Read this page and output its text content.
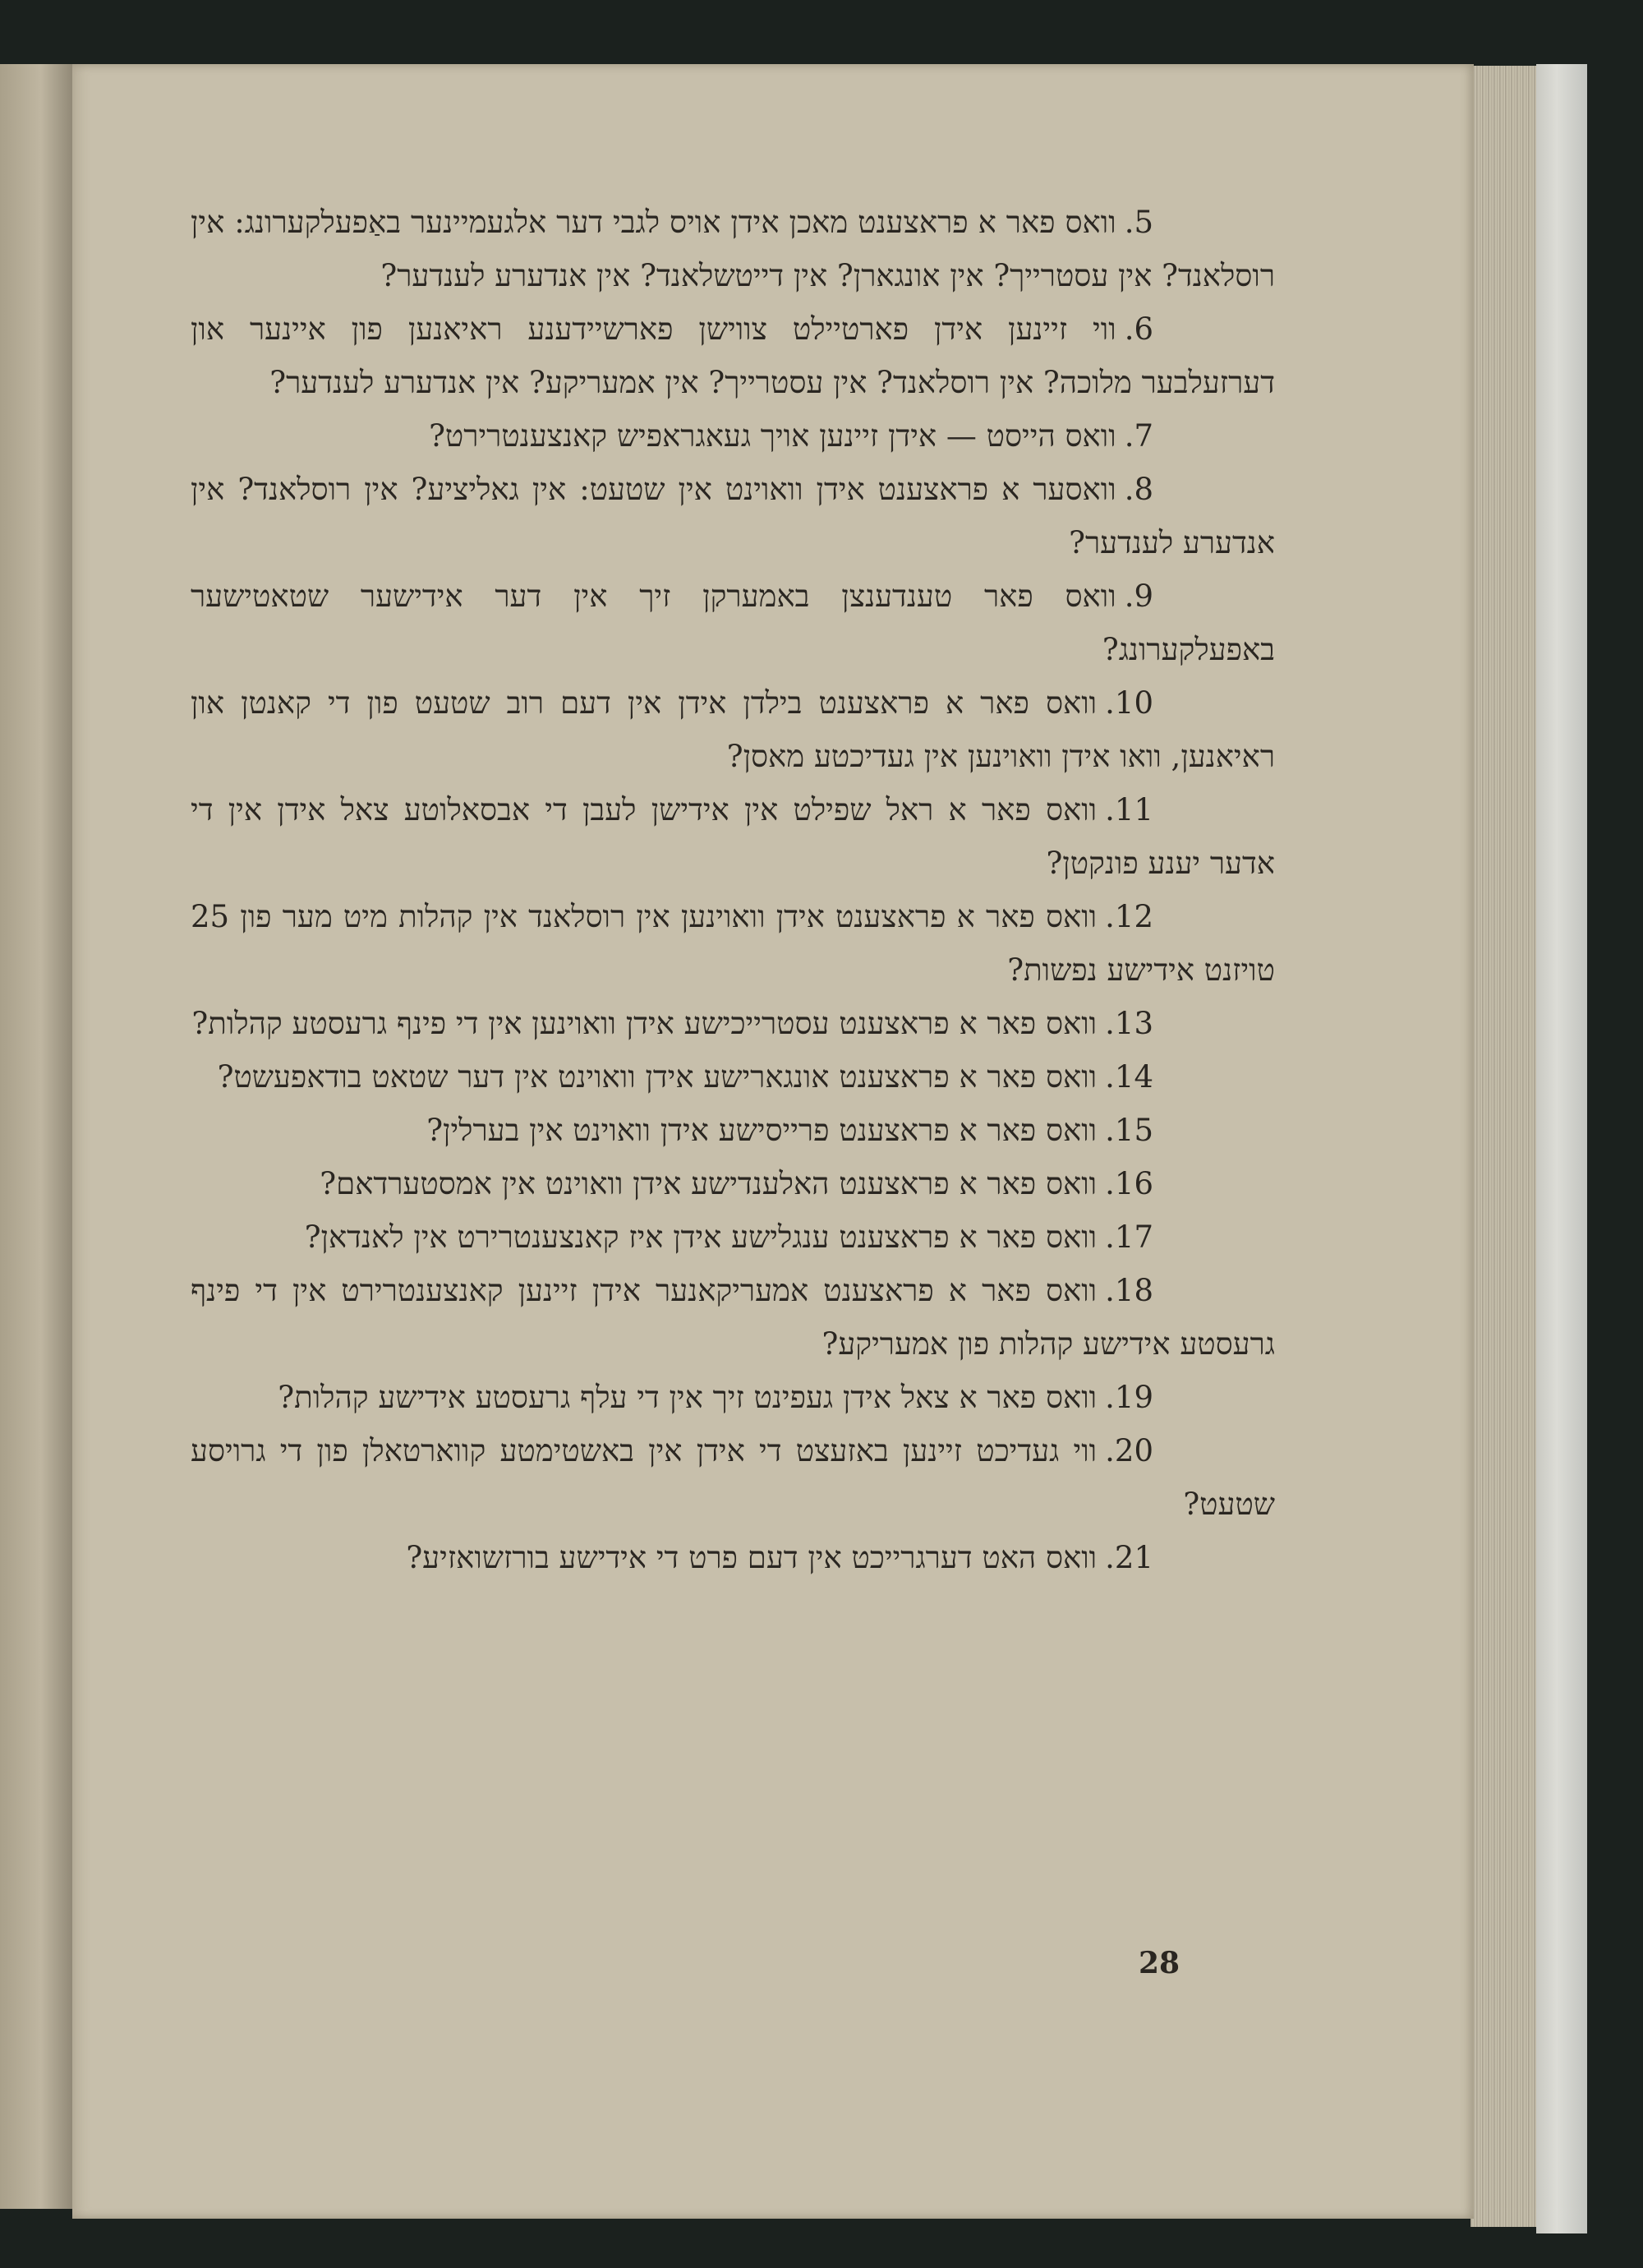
5.וואס פאר א פראצענט מאכן אידן אויס לגבי דער אלגעמיינער באַפעלקערונג: אין רוסלאנד? אין עסטרייך? אין אונגארן? אין דייטשלאנד? אין אנדערע לענדער?

6.ווי זיינען אידן פארטיילט צווישן פארשיידענע ראיאנען פון איינער און דערזעלבער מלוכה? אין רוסלאנד? אין עסטרייך? אין אמעריקע? אין אנדערע לענדער?

7.וואס הייסט — אידן זיינען אויך געאגראפיש קאנצענטרירט?

8.וואסער א פראצענט אידן וואוינט אין שטעט: אין גאליציע? אין רוסלאנד? אין אנדערע לענדער?

9.וואס פאר טענדענצן באמערקן זיך אין דער אידישער שטאטישער באפעלקערונג?

10.וואס פאר א פראצענט בילדן אידן אין דעם רוב שטעט פון די קאנטן און ראיאנען, וואו אידן וואוינען אין געדיכטע מאסן?

11.וואס פאר א ראל שפילט אין אידישן לעבן די אבסאלוטע צאל אידן אין די אדער יענע פונקטן?

12.וואס פאר א פראצענט אידן וואוינען אין רוסלאנד אין קהלות מיט מער פון 25 טויזנט אידישע נפשות?

13.וואס פאר א פראצענט עסטרייכישע אידן וואוינען אין די פינף גרעסטע קהלות?

14.וואס פאר א פראצענט אונגארישע אידן וואוינט אין דער שטאט בודאפעשט?

15.וואס פאר א פראצענט פרייסישע אידן וואוינט אין בערלין?

16.וואס פאר א פראצענט האלענדישע אידן וואוינט אין אמסטערדאם?

17.וואס פאר א פראצענט ענגלישע אידן איז קאנצענטרירט אין לאנדאן?

18.וואס פאר א פראצענט אמעריקאנער אידן זיינען קאנצענטרירט אין די פינף גרעסטע אידישע קהלות פון אמעריקע?

19.וואס פאר א צאל אידן געפינט זיך אין די עלף גרעסטע אידישע קהלות?

20.ווי געדיכט זיינען באזעצט די אידן אין באשטימטע קווארטאלן פון די גרויסע שטעט?

21.וואס האט דערגרייכט אין דעם פרט די אידישע בורזשואזיע?

28
